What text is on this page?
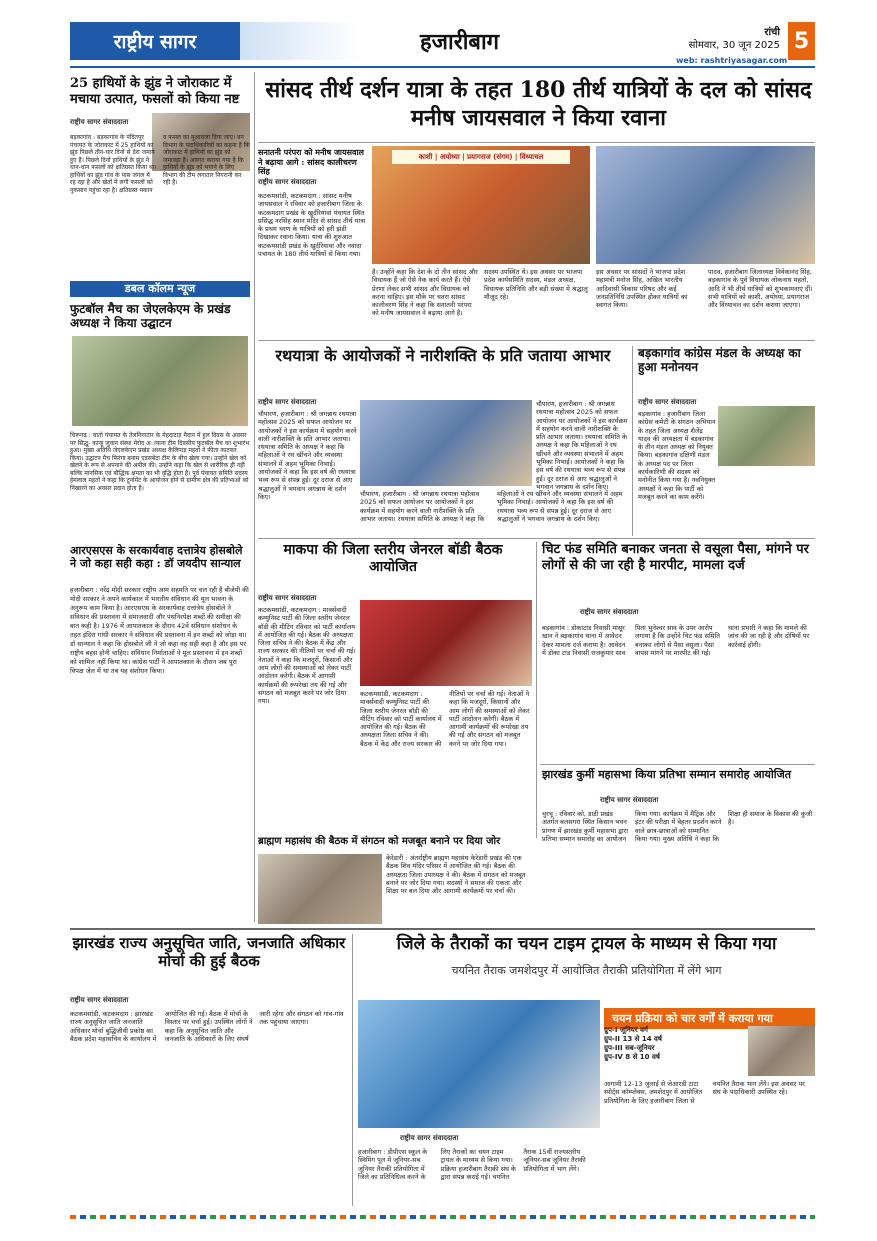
राष्ट्रीय सागर	हजारीबाग	रांची
सोमवार, 30 जून 2025 5
web: rashtriyasagar.com
25 हाथियों के झुंड ने जोराकाट में मचाया उत्पात, फसलों को किया नष्ट
राष्ट्रीय सागर संवाददाता
बड़कागांव : बड़कागांव के पंदितपुर पंचायत के जोराकाट में 25 हाथियों का झुंड पिछले तीन-चार दिनों से डेरा जमाये हुए हैं। पिछले दिनों हाथियों के झुंड ने धान-धान फसलों को क्षतिग्रस्त किया था। हाथियों का झुंड गांव के पास जंगल में रह रहा है और खेतों में लगी फसलों को नुकसान पहुंचा रहा है। क्षतिग्रस्त मकान व फसल का मुआवजा दिया जाए। वन विभाग के पदाधिकारियों का कहना है कि जोराकाट में हाथियों का झुंड को जमावड़ा है। अवगत कराया गया है कि हाथियों के झुंड को भगाने के लिए विभाग की टीम लगातार निगरानी कर रही है।
डबल कॉलम न्यूज
फुटबॉल मैच का जेएलकेएम के प्रखंड अध्यक्ष ने किया उद्घाटन
चिरूगढ़ : चातो पंचायत के तेलनिगातार के मेहदाटाड़ मैदान में हुल दिवस के अवसर पर सिद्धु- कान्हू जुवान संस्था मेरोद अायाना टीम दिवसीय फुटबॉल मैच का शुभारंभ हुआ। मुख्य अतिथि जेएलकेएम प्रखंड अध्यक्ष कैलिपाड़ महतो ने फीता काटकर किया। उद्घाटन मैच फिरंगा बनाम एडसबेटा टीम के बीच खेला गया। उन्होंने खेल को खेलने के रूप से अपनाने की अपील की। उन्होंने कहा कि खेल से शारीरिक ही नहीं बल्कि मानसिक एवं बौद्धिक क्षमता का भी वृद्धि होता है। पूर्व पंचायत समिति सदस्य हेमलाल महतो ने कहा कि टूर्नामेंट के आयोजन होने से ग्रामीण क्षेत्र की प्रतिभाओं को निखारने का अवसर प्रदान होता है।
आरएसएस के सरकार्यवाह दत्तात्रेय होसबोले ने जो कहा सही कहा : डॉ जयदीप सान्याल
हजारीबाग : नरेंद्र मोदी सरकार राष्ट्रीय आम सहमति पर चल रही है बीजेपी की मोदी सरकार ने अपने कार्यकाल में भारतीय संविधान की मूल भावना के अनुरूप काम किया है। आरएसएस के सरकार्यवाह दत्तात्रेय होसबोले ने संविधान की प्रस्तावना में समाजवादी और पंथनिरपेक्ष शब्दों की समीक्षा की बात कही है। 1976 में आपातकाल के दौरान 42वें संविधान संशोधन के तहत इंदिरा गांधी सरकार ने संविधान की प्रस्तावना में इन शब्दों को जोड़ा था। डॉ सान्याल ने कहा कि होसबोले जी ने जो कहा वह सही कहा है और इस पर राष्ट्रीय बहस होनी चाहिए। संविधान निर्माताओं ने मूल प्रस्तावना में इन शब्दों को शामिल नहीं किया था। कांग्रेस पार्टी ने आपातकाल के दौरान जब पूरा विपक्ष जेल में था तब यह संशोधन किया।
सांसद तीर्थ दर्शन यात्रा के तहत 180 तीर्थ यात्रियों के दल को सांसद मनीष जायसवाल ने किया रवाना
सनातनी परंपरा को मनीष जायसवाल ने बढ़ाया आगे : सांसद कालीचरण सिंह
राष्ट्रीय सागर संवाददाता
काशी | अयोध्या | प्रयागराज (संगम) | विंध्याचल
कटकमसांडी, कटकमदाग : सांसद मनीष जायसवाल ने रविवार को हजारीबाग जिला के कटकमदाग प्रखंड के खुर्दरियावां पंचायत स्थित प्रसिद्ध नरसिंह स्थान मंदिर से सांसद तीर्थ यात्रा के प्रथम चरण के यात्रियों को हरी झंडी दिखाकर रवाना किया। यात्रा की शुरुआत कटकमसांडी प्रखंड के खुर्दरियावां और नवादा पंचायत के 180 तीर्थ यात्रियों से किया गया।
है। उन्होंने कहा कि देश के दो तीन सांसद और विधायक हैं जो ऐसे नेक कार्य करते हैं। ऐसे प्रेरणा लेकर सभी सांसद और विधायक को करना चाहिए। इस मौके पर चतरा सांसद कालीचरण सिंह ने कहा कि सनातनी परंपरा को मनीष जायसवाल ने बढ़ाया आगे है।
सदस्य उपस्थित थे। इस अवसर पर भाजपा प्रदेश कार्यसमिति सदस्य, मंडल अध्यक्ष, विधायक प्रतिनिधि और बड़ी संख्या में श्रद्धालु मौजूद रहे।
इस अवसर पर सांसदों ने भाजपा प्रदेश महामंत्री मनोज सिंह, अखिल भारतीय आदिवासी विकास परिषद और कई जनप्रतिनिधि उपस्थित होकर यात्रियों का स्वागत किया।
पादव, हजारीबाग जिलाध्यक्ष विवेकानंद सिंह, बड़कागांव के पूर्व विधायक लोकनाथ महतो, आदि ने भी तीर्थ यात्रियों को शुभकामनाएं दीं। सभी यात्रियों को काशी, अयोध्या, प्रयागराज और विंध्याचल का दर्शन कराया जाएगा।
रथयात्रा के आयोजकों ने नारीशक्ति के प्रति जताया आभार
राष्ट्रीय सागर संवाददाता
चौपारण, हजारीबाग : श्री जगन्नाथ रथयात्रा महोत्सव 2025 को सफल आयोजन पर आयोजकों ने इस कार्यक्रम में सहयोग करने वाली नारीशक्ति के प्रति आभार जताया। रथयात्रा समिति के अध्यक्ष ने कहा कि महिलाओं ने रथ खींचने और व्यवस्था संभालने में अहम भूमिका निभाई। आयोजकों ने कहा कि इस वर्ष की रथयात्रा भव्य रूप से संपन्न हुई। दूर दराज से आए श्रद्धालुओं ने भगवान जगन्नाथ के दर्शन किए।	चौपारण, हजारीबाग : श्री जगन्नाथ रथयात्रा महोत्सव 2025 को सफल आयोजन पर आयोजकों ने इस कार्यक्रम में सहयोग करने वाली नारीशक्ति के प्रति आभार जताया। रथयात्रा समिति के अध्यक्ष ने कहा कि महिलाओं ने रथ खींचने और व्यवस्था संभालने में अहम भूमिका निभाई। आयोजकों ने कहा कि इस वर्ष की रथयात्रा भव्य रूप से संपन्न हुई। दूर दराज से आए श्रद्धालुओं ने भगवान जगन्नाथ के दर्शन किए।
चौपारण, हजारीबाग : श्री जगन्नाथ रथयात्रा महोत्सव 2025 को सफल आयोजन पर आयोजकों ने इस कार्यक्रम में सहयोग करने वाली नारीशक्ति के प्रति आभार जताया। रथयात्रा समिति के अध्यक्ष ने कहा कि महिलाओं ने रथ खींचने और व्यवस्था संभालने में अहम भूमिका निभाई। आयोजकों ने कहा कि इस वर्ष की रथयात्रा भव्य रूप से संपन्न हुई। दूर दराज से आए श्रद्धालुओं ने भगवान जगन्नाथ के दर्शन किए।
बड़कागांव कांग्रेस मंडल के अध्यक्ष का हुआ मनोनयन
राष्ट्रीय सागर संवाददाता
बड़कागांव : हजारीबाग जिला कांग्रेस कमेटी के संगठन अभियान के तहत जिला अध्यक्ष शैलेंद्र यादव की अध्यक्षता में बड़कागांव के तीन मंडल अध्यक्ष को नियुक्त किया। बड़कागांव दक्षिणी मंडल के अध्यक्ष पद पर जिला कार्यकारिणी की सदस्य को मनोनीत किया गया है। नवनियुक्त अध्यक्षों ने कहा कि पार्टी को मजबूत करने का काम करेंगे।
माकपा की जिला स्तरीय जेनरल बॉडी बैठक आयोजित
राष्ट्रीय सागर संवाददाता
कटकमसांडी, कटकमदाग : मार्क्सवादी कम्युनिस्ट पार्टी की जिला स्तरीय जेनरल बॉडी की मीटिंग रविवार को पार्टी कार्यालय में आयोजित की गई। बैठक की अध्यक्षता जिला सचिव ने की। बैठक में केंद्र और राज्य सरकार की नीतियों पर चर्चा की गई। नेताओं ने कहा कि मजदूरों, किसानों और आम लोगों की समस्याओं को लेकर पार्टी आंदोलन करेगी। बैठक में आगामी कार्यक्रमों की रूपरेखा तय की गई और संगठन को मजबूत करने पर जोर दिया गया।
कटकमसांडी, कटकमदाग : मार्क्सवादी कम्युनिस्ट पार्टी की जिला स्तरीय जेनरल बॉडी की मीटिंग रविवार को पार्टी कार्यालय में आयोजित की गई। बैठक की अध्यक्षता जिला सचिव ने की। बैठक में केंद्र और राज्य सरकार की नीतियों पर चर्चा की गई। नेताओं ने कहा कि मजदूरों, किसानों और आम लोगों की समस्याओं को लेकर पार्टी आंदोलन करेगी। बैठक में आगामी कार्यक्रमों की रूपरेखा तय की गई और संगठन को मजबूत करने पर जोर दिया गया।
चिट फंड समिति बनाकर जनता से वसूला पैसा, मांगने पर लोगों से की जा रही है मारपीट, मामला दर्ज
राष्ट्रीय सागर संवाददाता
बड़कागांव : डोकाटांड निवासी मांसूर खान ने बड़कागांव थाना में आवेदन देकर मामला दर्ज कराया है। आवेदन में डोका टांड निवासी राजकुमार साव पिता भुनेश्वर साव के उपर आरोप लगाया है कि उन्होंने चिट फंड समिति बनाकर लोगों से पैसा वसूला। पैसा वापस मांगने पर मारपीट की गई। थाना प्रभारी ने कहा कि मामले की जांच की जा रही है और दोषियों पर कार्रवाई होगी।
झारखंड कुर्मी महासभा किया प्रतिभा सम्मान समारोह आयोजित
राष्ट्रीय सागर संवाददाता
चुरचू : रविवार को, डाडी प्रखंड अंतर्गत बलसगरा स्थित किसान भवन प्रांगण में झारखंड कुर्मी महासभा द्वारा प्रतिभा सम्मान समारोह का आयोजन किया गया। कार्यक्रम में मैट्रिक और इंटर की परीक्षा में बेहतर प्रदर्शन करने वाले छात्र-छात्राओं को सम्मानित किया गया। मुख्य अतिथि ने कहा कि शिक्षा ही समाज के विकास की कुंजी है।
ब्राह्मण महासंघ की बैठक में संगठन को मजबूत बनाने पर दिया जोर
केरेडारी : अंतर्राष्ट्रीय ब्राह्मण महासंघ केरेडारी प्रखंड की एक बैठक शिव मंदिर परिसर में आयोजित की गई। बैठक की अध्यक्षता जिला उपाध्यक्ष ने की। बैठक में संगठन को मजबूत बनाने पर जोर दिया गया। सदस्यों ने समाज की एकता और शिक्षा पर बल दिया और आगामी कार्यक्रमों पर चर्चा की।
झारखंड राज्य अनुसूचित जाति, जनजाति अधिकार मोर्चा की हुई बैठक
राष्ट्रीय सागर संवाददाता
कटकमसांडी, कटकमदाग : झारखंड राज्य अनुसूचित जाति जनजाति अधिकार मोर्चा बुद्धिजीवी प्रकोष्ठ का बैठक प्रदेश महासचिव के कार्यालय में आयोजित की गई। बैठक में मोर्चा के विस्तार पर चर्चा हुई। उपस्थित लोगों ने कहा कि अनुसूचित जाति और जनजाति के अधिकारों के लिए संघर्ष जारी रहेगा और संगठन को गांव-गांव तक पहुंचाया जाएगा।
जिले के तैराकों का चयन टाइम ट्रायल के माध्यम से किया गया
चयनित तैराक जमशेदपुर में आयोजित तैराकी प्रतियोगिता में लेंगे भाग
राष्ट्रीय सागर संवाददाता
हजारीबाग : डीपीएस स्कूल के स्विमिंग पूल में जूनियर-सब जूनियर तैराकी प्रतियोगिता में जिले का प्रतिनिधित्व करने के लिए तैराकों का चयन टाइम ट्रायल के माध्यम से किया गया। प्रक्रिया हजारीबाग तैराकी संघ के द्वारा संपन्न कराई गई। चयनित तैराक 15वीं राज्यस्तरीय जूनियर-सब जूनियर तैराकी प्रतियोगिता में भाग लेंगे।
चयन प्रक्रिया को चार वर्गों में कराया गया
ग्रुप-I जूनियर वर्ग
ग्रुप-II 13 से 14 वर्ष
ग्रुप-III सब-जूनियर
ग्रुप-IV 8 से 10 वर्ष
आगामी 12-13 जुलाई से जेआरडी टाटा स्पोर्ट्स कॉम्प्लेक्स, जमशेदपुर में आयोजित प्रतियोगिता के लिए हजारीबाग जिला से चयनित तैराक भाग लेंगे। इस अवसर पर संघ के पदाधिकारी उपस्थित रहे।
